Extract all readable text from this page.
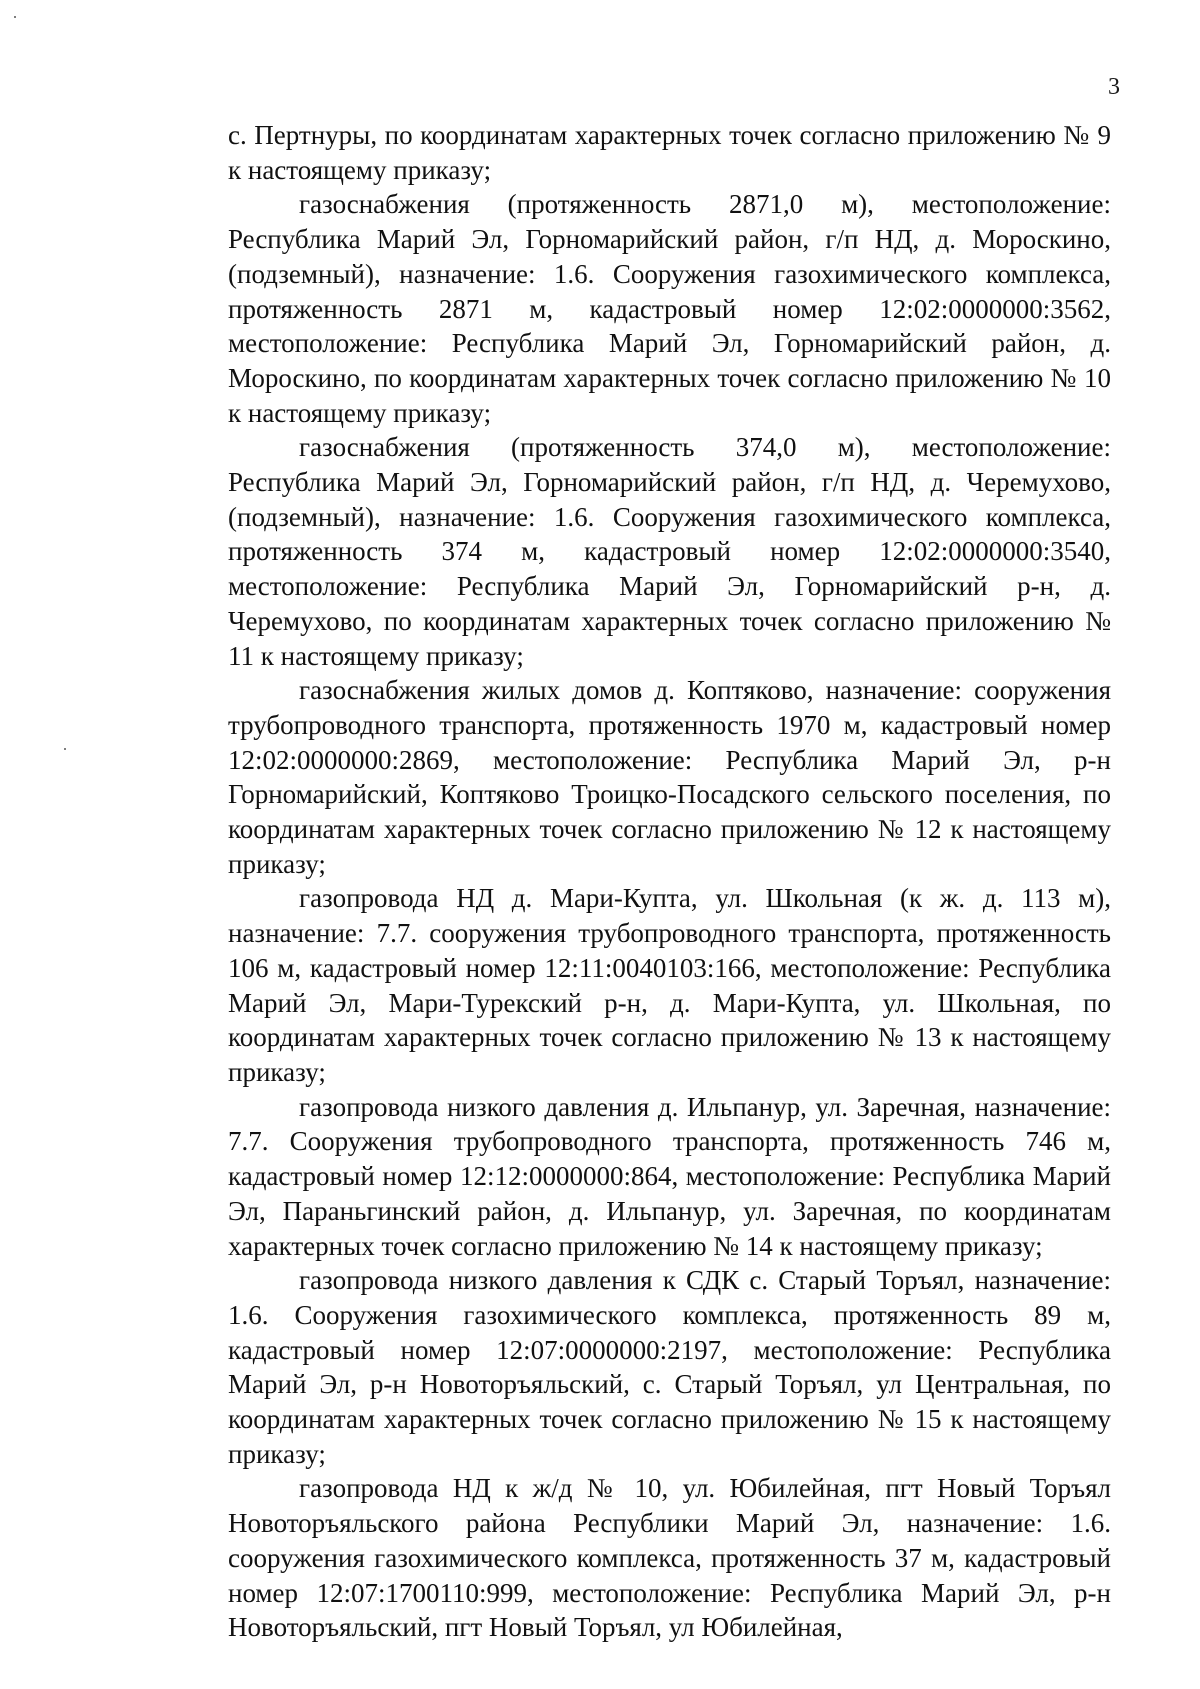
3

с. Пертнуры, по координатам характерных точек согласно приложению № 9 к настоящему приказу;

газоснабжения (протяженность 2871,0 м), местоположение: Республика Марий Эл, Горномарийский район, г/п НД, д. Мороскино, (подземный), назначение: 1.6. Сооружения газохимического комплекса, протяженность 2871 м, кадастровый номер 12:02:0000000:3562, местоположение: Республика Марий Эл, Горномарийский район, д. Мороскино, по координатам характерных точек согласно приложению № 10 к настоящему приказу;

газоснабжения (протяженность 374,0 м), местоположение: Республика Марий Эл, Горномарийский район, г/п НД, д. Черемухово, (подземный), назначение: 1.6. Сооружения газохимического комплекса, протяженность 374 м, кадастровый номер 12:02:0000000:3540, местоположение: Республика Марий Эл, Горномарийский р-н, д. Черемухово, по координатам характерных точек согласно приложению № 11 к настоящему приказу;

газоснабжения жилых домов д. Коптяково, назначение: сооружения трубопроводного транспорта, протяженность 1970 м, кадастровый номер 12:02:0000000:2869, местоположение: Республика Марий Эл, р-н Горномарийский, Коптяково Троицко-Посадского сельского поселения, по координатам характерных точек согласно приложению № 12 к настоящему приказу;

газопровода НД д. Мари-Купта, ул. Школьная (к ж. д. 113 м), назначение: 7.7. сооружения трубопроводного транспорта, протяженность 106 м, кадастровый номер 12:11:0040103:166, местоположение: Республика Марий Эл, Мари-Турекский р-н, д. Мари-Купта, ул. Школьная, по координатам характерных точек согласно приложению № 13 к настоящему приказу;

газопровода низкого давления д. Ильпанур, ул. Заречная, назначение: 7.7. Сооружения трубопроводного транспорта, протяженность 746 м, кадастровый номер 12:12:0000000:864, местоположение: Республика Марий Эл, Параньгинский район, д. Ильпанур, ул. Заречная, по координатам характерных точек согласно приложению № 14 к настоящему приказу;

газопровода низкого давления к СДК с. Старый Торъял, назначение: 1.6. Сооружения газохимического комплекса, протяженность 89 м, кадастровый номер 12:07:0000000:2197, местоположение: Республика Марий Эл, р-н Новоторъяльский, с. Старый Торъял, ул Центральная, по координатам характерных точек согласно приложению № 15 к настоящему приказу;

газопровода НД к ж/д № 10, ул. Юбилейная, пгт Новый Торъял Новоторъяльского района Республики Марий Эл, назначение: 1.6. сооружения газохимического комплекса, протяженность 37 м, кадастровый номер 12:07:1700110:999, местоположение: Республика Марий Эл, р-н Новоторъяльский, пгт Новый Торъял, ул Юбилейная,
